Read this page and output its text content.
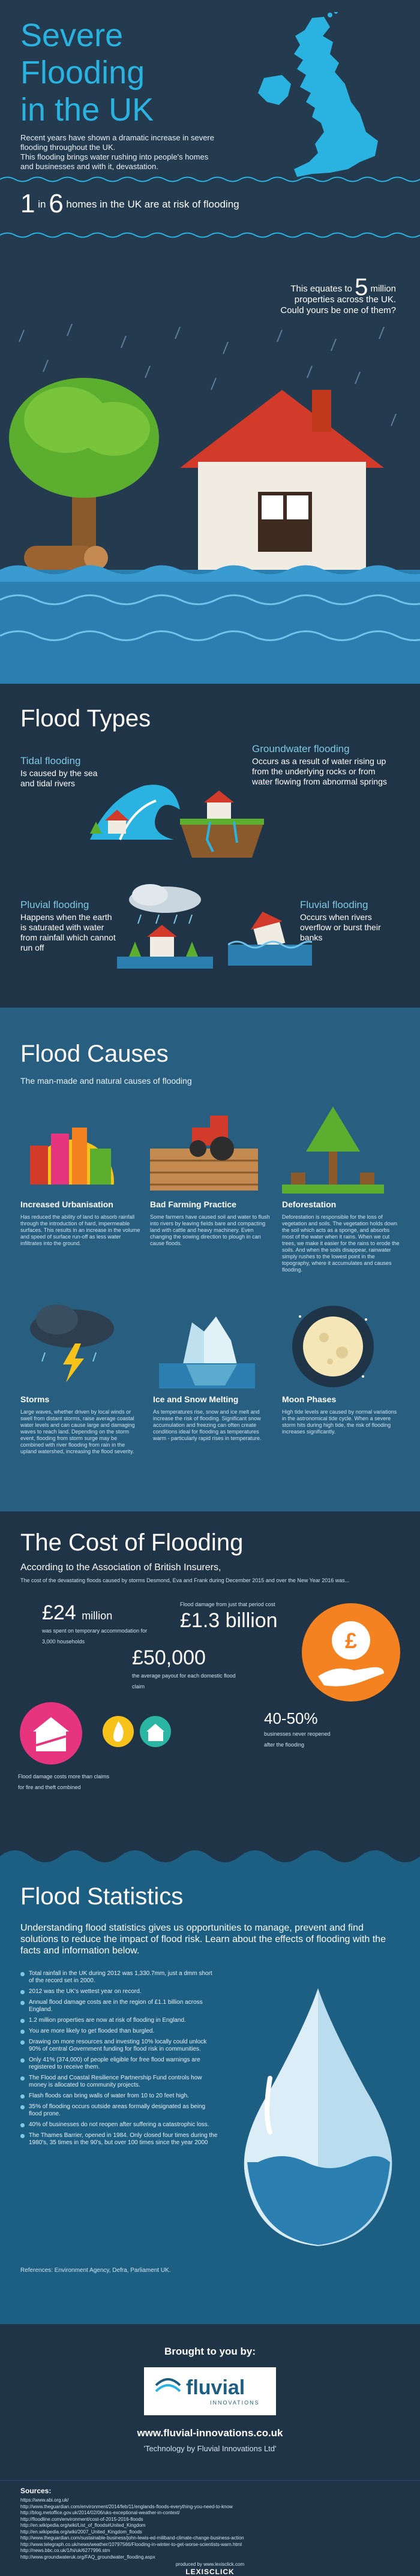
Severe
Flooding
in the UK

Recent years have shown a dramatic increase in severe flooding throughout the UK.

This flooding brings water rushing into people's homes and businesses and with it, devastation.

1 in 6 homes in the UK are at risk of flooding
This equates to 5 million
properties across the UK.
Could yours be one of them?
Flood Types
Tidal flooding
Is caused by the sea and tidal rivers
Groundwater flooding
Occurs as a result of water rising up from the underlying rocks or from water flowing from abnormal springs
Pluvial flooding
Happens when the earth is saturated with water from rainfall which cannot run off
Fluvial flooding
Occurs when rivers overflow or burst their banks
Flood Causes
The man-made and natural causes of flooding
Increased Urbanisation
Has reduced the ability of land to absorb rainfall through the introduction of hard, impermeable surfaces. This results in an increase in the volume and speed of surface run-off as less water infiltrates into the ground.
Bad Farming Practice
Some farmers have caused soil and water to flush into rivers by leaving fields bare and compacting land with cattle and heavy machinery. Even changing the sowing direction to plough in can cause floods.
Deforestation
Deforestation is responsible for the loss of vegetation and soils. The vegetation holds down the soil which acts as a sponge, and absorbs most of the water when it rains. When we cut trees, we make it easier for the rains to erode the soils. And when the soils disappear, rainwater simply rushes to the lowest point in the topography, where it accumulates and causes flooding.
Storms
Large waves, whether driven by local winds or swell from distant storms, raise average coastal water levels and can cause large and damaging waves to reach land. Depending on the storm event, flooding from storm surge may be combined with river flooding from rain in the upland watershed, increasing the flood severity.
Ice and Snow Melting
As temperatures rise, snow and ice melt and increase the risk of flooding. Significant snow accumulation and freezing can often create conditions ideal for flooding as temperatures warm - particularly rapid rises in temperature.
Moon Phases
High tide levels are caused by normal variations in the astronomical tide cycle. When a severe storm hits during high tide, the risk of flooding increases significantly.
The Cost of Flooding
According to the Association of British Insurers,
The cost of the devastating floods caused by storms Desmond, Eva and Frank during December 2015 and over the New Year 2016 was...
£24 million
was spent on temporary accommodation for 3,000 households
Flood damage from just that period cost
£1.3 billion
£50,000
the average payout for each domestic flood claim
£
40-50%
businesses never reopened after the flooding
Flood damage costs more than claims for fire and theft combined
Flood Statistics
Understanding flood statistics gives us opportunities to manage, prevent and find solutions to reduce the impact of flood risk. Learn about the effects of flooding with the facts and information below.
Total rainfall in the UK during 2012 was 1,330.7mm, just a dmm short of the record set in 2000.
2012 was the UK's wettest year on record.
Annual flood damage costs are in the region of £1.1 billion across England.
1.2 million properties are now at risk of flooding in England.
You are more likely to get flooded than burgled.
Drawing on more resources and investing 10% locally could unlock 90% of central Government funding for flood risk in communities.
Only 41% (374,000) of people eligible for free flood warnings are registered to receive them.
The Flood and Coastal Resilience Partnership Fund controls how money is allocated to community projects.
Flash floods can bring walls of water from 10 to 20 feet high.
35% of flooding occurs outside areas formally designated as being flood prone.
40% of businesses do not reopen after suffering a catastrophic loss.
The Thames Barrier, opened in 1984. Only closed four times during the 1980's, 35 times in the 90's, but over 100 times since the year 2000
References: Environment Agency, Defra, Parliament UK.
Brought to you by:
fluvial
INNOVATIONS
www.fluvial-innovations.co.uk
'Technology by Fluvial Innovations Ltd'
Sources:
https://www.abi.org.uk/
http://www.theguardian.com/environment/2014/feb/11/englands-floods-everything-you-need-to-know
http://blog.metoffice.gov.uk/2014/02/06/uks-exceptional-weather-in-context/
http://floodline.com/environment/cost-of-2015-2016-floods
http://en.wikipedia.org/wiki/List_of_floods#United_Kingdom
http://en.wikipedia.org/wiki/2007_United_Kingdom_floods
http://www.theguardian.com/sustainable-business/john-lewis-ed-miliband-climate-change-business-action
http://www.telegraph.co.uk/news/weather/10797566/Flooding-in-winter-to-get-worse-scientists-warn.html
http://news.bbc.co.uk/1/hi/uk/6277996.stm
http://www.groundwateruk.org/FAQ_groundwater_flooding.aspx
produced by www.lexisclick.com
LEXISCLICK
